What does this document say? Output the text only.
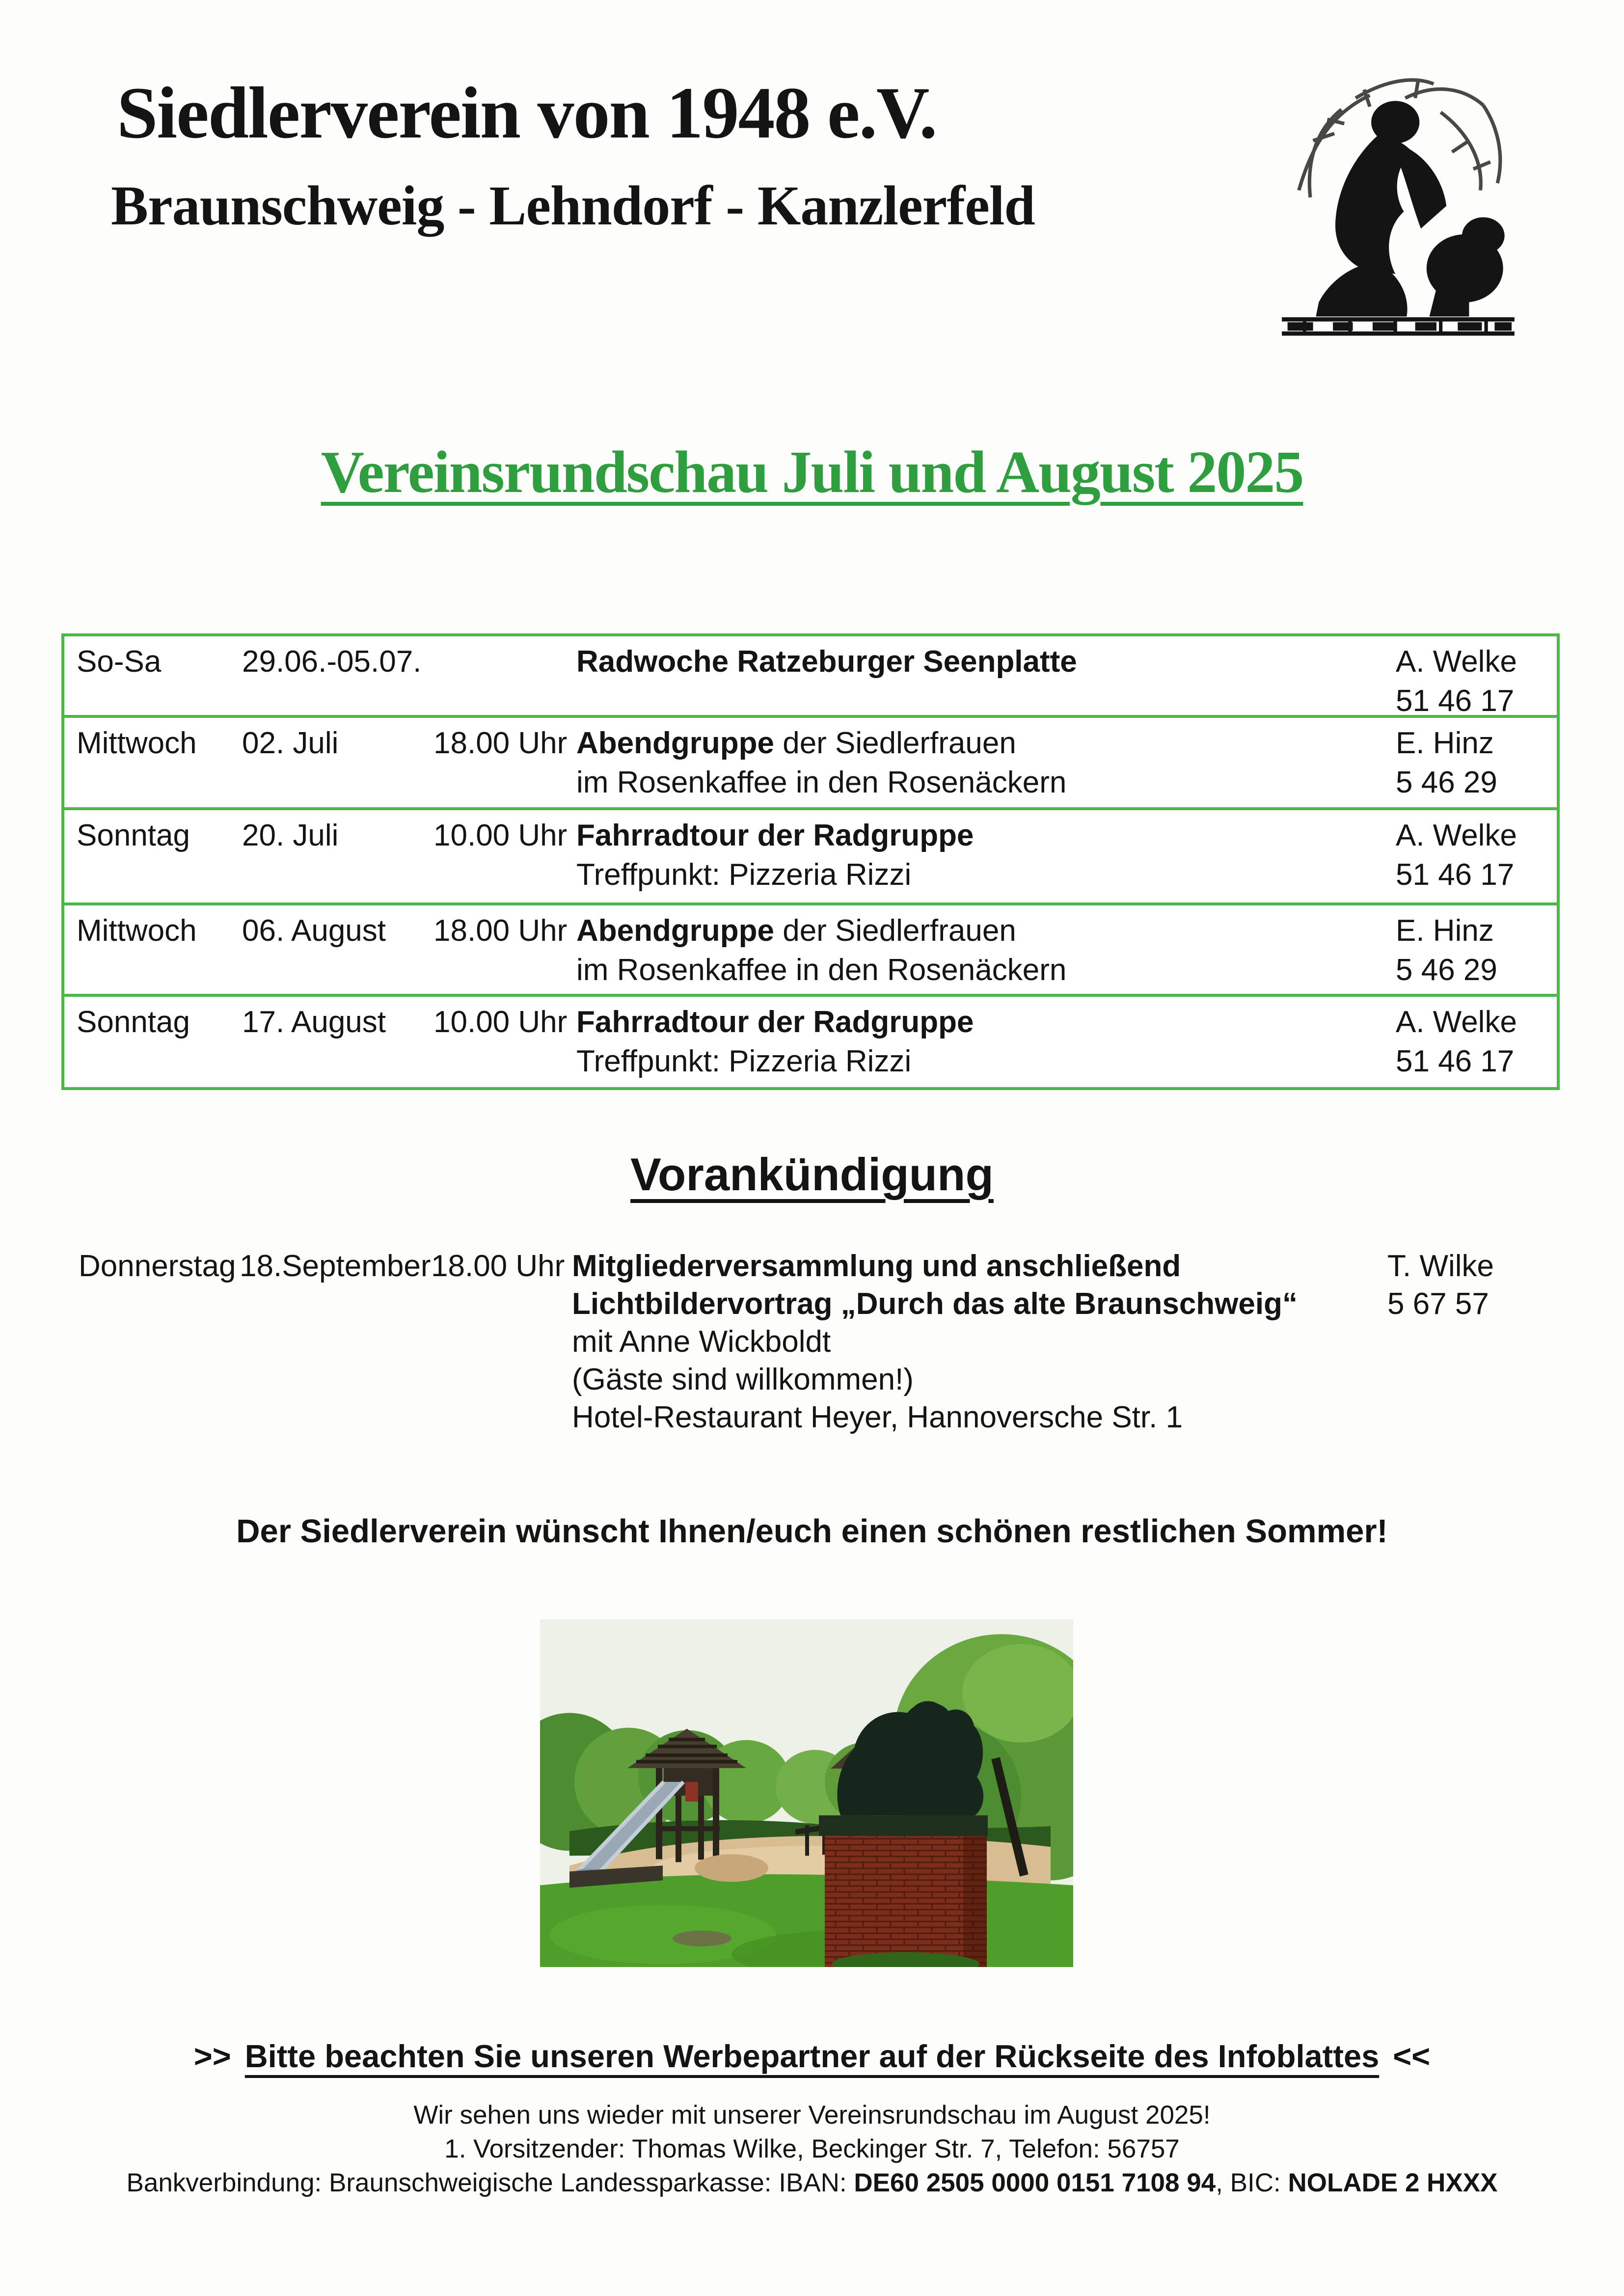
Siedlerverein von 1948 e.V.
Braunschweig - Lehndorf - Kanzlerfeld
Vereinsrundschau Juli und August 2025
So-Sa	29.06.-05.07.	Radwoche Ratzeburger Seenplatte	A. Welke
51 46 17
Mittwoch 02. Juli	18.00 Uhr Abendgruppe der Siedlerfrauen
im Rosenkaffee in den Rosenäckern
E. Hinz
5 46 29
Sonntag 20. Juli	10.00 Uhr Fahrradtour der Radgruppe
Treffpunkt: Pizzeria Rizzi
A. Welke
51 46 17
Mittwoch 06. August 18.00 Uhr Abendgruppe der Siedlerfrauen
im Rosenkaffee in den Rosenäckern
E. Hinz
5 46 29
Sonntag 17. August 10.00 Uhr Fahrradtour der Radgruppe
Treffpunkt: Pizzeria Rizzi
A. Welke
51 46 17
Vorankündigung
Donnerstag 18.September 18.00 Uhr Mitgliederversammlung und anschließend
Lichtbildervortrag „Durch das alte Braunschweig“
mit Anne Wickboldt
(Gäste sind willkommen!)
Hotel-Restaurant Heyer, Hannoversche Str. 1
T. Wilke
5 67 57
Der Siedlerverein wünscht Ihnen/euch einen schönen restlichen Sommer!
>> Bitte beachten Sie unseren Werbepartner auf der Rückseite des Infoblattes <<
Wir sehen uns wieder mit unserer Vereinsrundschau im August 2025!
1. Vorsitzender: Thomas Wilke, Beckinger Str. 7, Telefon: 56757
Bankverbindung: Braunschweigische Landessparkasse: IBAN: DE60 2505 0000 0151 7108 94, BIC: NOLADE 2 HXXX
